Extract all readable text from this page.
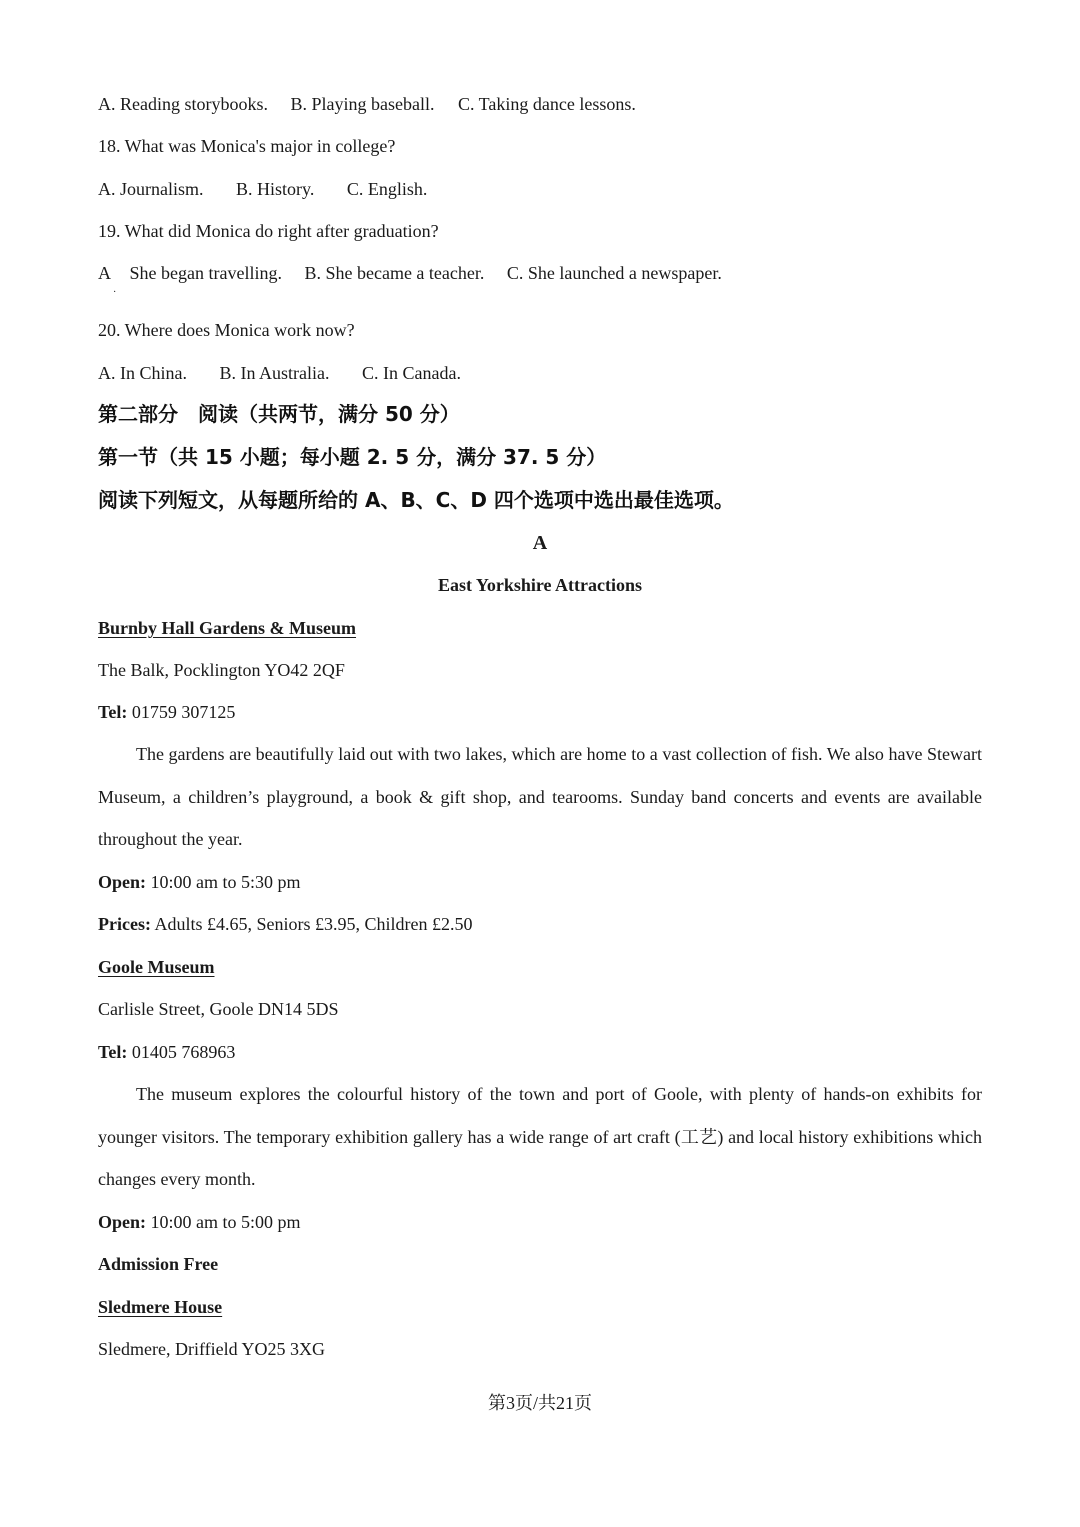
A. Reading storybooks. B. Playing baseball. C. Taking dance lessons.
18. What was Monica's major in college?
A. Journalism. B. History. C. English.
19. What did Monica do right after graduation?
A She began travelling. B. She became a teacher. C. She launched a newspaper.
·
20. Where does Monica work now?
A. In China. B. In Australia. C. In Canada.
第二部分　阅读（共两节，满分 50 分）
第一节（共 15 小题；每小题 2. 5 分，满分 37. 5 分）
阅读下列短文，从每题所给的 A、B、C、D 四个选项中选出最佳选项。
A
East Yorkshire Attractions
Burnby Hall Gardens & Museum
The Balk, Pocklington YO42 2QF
Tel: 01759 307125
The gardens are beautifully laid out with two lakes, which are home to a vast collection of fish. We also have Stewart Museum, a children’s playground, a book & gift shop, and tearooms. Sunday band concerts and events are available throughout the year.
Open: 10:00 am to 5:30 pm
Prices: Adults £4.65, Seniors £3.95, Children £2.50
Goole Museum
Carlisle Street, Goole DN14 5DS
Tel: 01405 768963
The museum explores the colourful history of the town and port of Goole, with plenty of hands-on exhibits for younger visitors. The temporary exhibition gallery has a wide range of art craft (工艺) and local history exhibitions which changes every month.
Open: 10:00 am to 5:00 pm
Admission Free
Sledmere House
Sledmere, Driffield YO25 3XG
第3页/共21页
